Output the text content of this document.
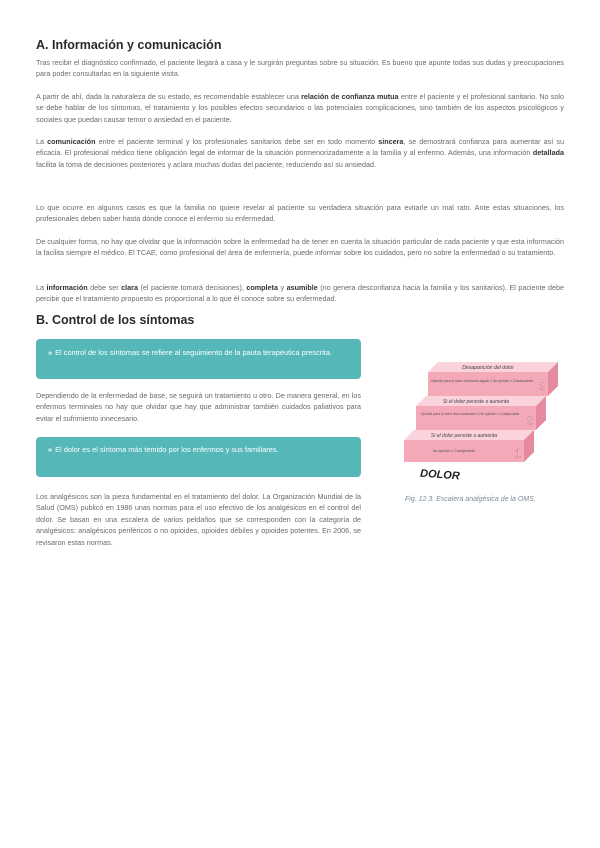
A. Información y comunicación

Tras recibir el diagnóstico confirmado, el paciente llegará a casa y le surgirán preguntas sobre su situación. Es bueno que apunte todas sus dudas y preocupaciones para poder consultarlas en la siguiente visita.

A partir de ahí, dada la naturaleza de su estado, es recomendable establecer una relación de confianza mutua entre el paciente y el profesional sanitario. No solo se debe hablar de los síntomas, el tratamiento y los posibles efectos secundarios o las potenciales complicaciones, sino también de los aspectos psicológicos y sociales que puedan causar temor o ansiedad en el paciente.

La comunicación entre el paciente terminal y los profesionales sanitarios debe ser en todo momento sincera, se demostrará confianza para aumentar así su eficacia. El profesional médico tiene obligación legal de informar de la situación pormenorizadamente a la familia y al enfermo. Además, una información detallada facilita la toma de decisiones posteriores y aclara muchas dudas del paciente, reduciendo así su ansiedad.

Lo que ocurre en algunos casos es que la familia no quiere revelar al paciente su verdadera situación para evitarle un mal rato. Ante estas situaciones, los profesionales deben saber hasta dónde conoce el enfermo su enfermedad.

De cualquier forma, no hay que olvidar que la información sobre la enfermedad ha de tener en cuenta la situación particular de cada paciente y que esta información la facilita siempre el médico. El TCAE, como profesional del área de enfermería, puede informar sobre los cuidados, pero no sobre la enfermedad o su tratamiento.

La información debe ser clara (el paciente tomará decisiones), completa y asumible (no genera desconfianza hacia la familia y los sanitarios). El paciente debe percibir que el tratamiento propuesto es proporcional a lo que él conoce sobre su enfermedad.

B. Control de los síntomas
» El control de los síntomas se refiere al seguimiento de la pauta terapéutica prescrita.

Dependiendo de la enfermedad de base, se seguirá un tratamiento u otro. De manera general, en los enfermos terminales no hay que olvidar que hay que administrar también cuidados paliativos para evitar el sufrimiento innecesario.

» El dolor es el síntoma más temido por los enfermos y sus familiares.

Los analgésicos son la pieza fundamental en el tratamiento del dolor. La Organización Mundial de la Salud (OMS) publicó en 1986 unas normas para el uso efectivo de los analgésicos en el control del dolor. Se basan en una escalera de varios peldaños que se corresponden con la categoría de analgésicos: analgésicos periféricos o no opioides, opioides débiles y opioides potentes. En 2006, se revisaron estas normas.

Desaparición del dolor
Opioide para el dolor moderado-agudo ± No opioide ± Coadyuvante 3
Si el dolor persiste o aumenta
Opioide para el dolor leve-moderado ± No opioide ± Coadyuvante
2
Si el dolor persiste o aumenta
No opioide ± Coadyuvante	1
DOLOR
Fig. 12.3. Escalera analgésica de la OMS.
